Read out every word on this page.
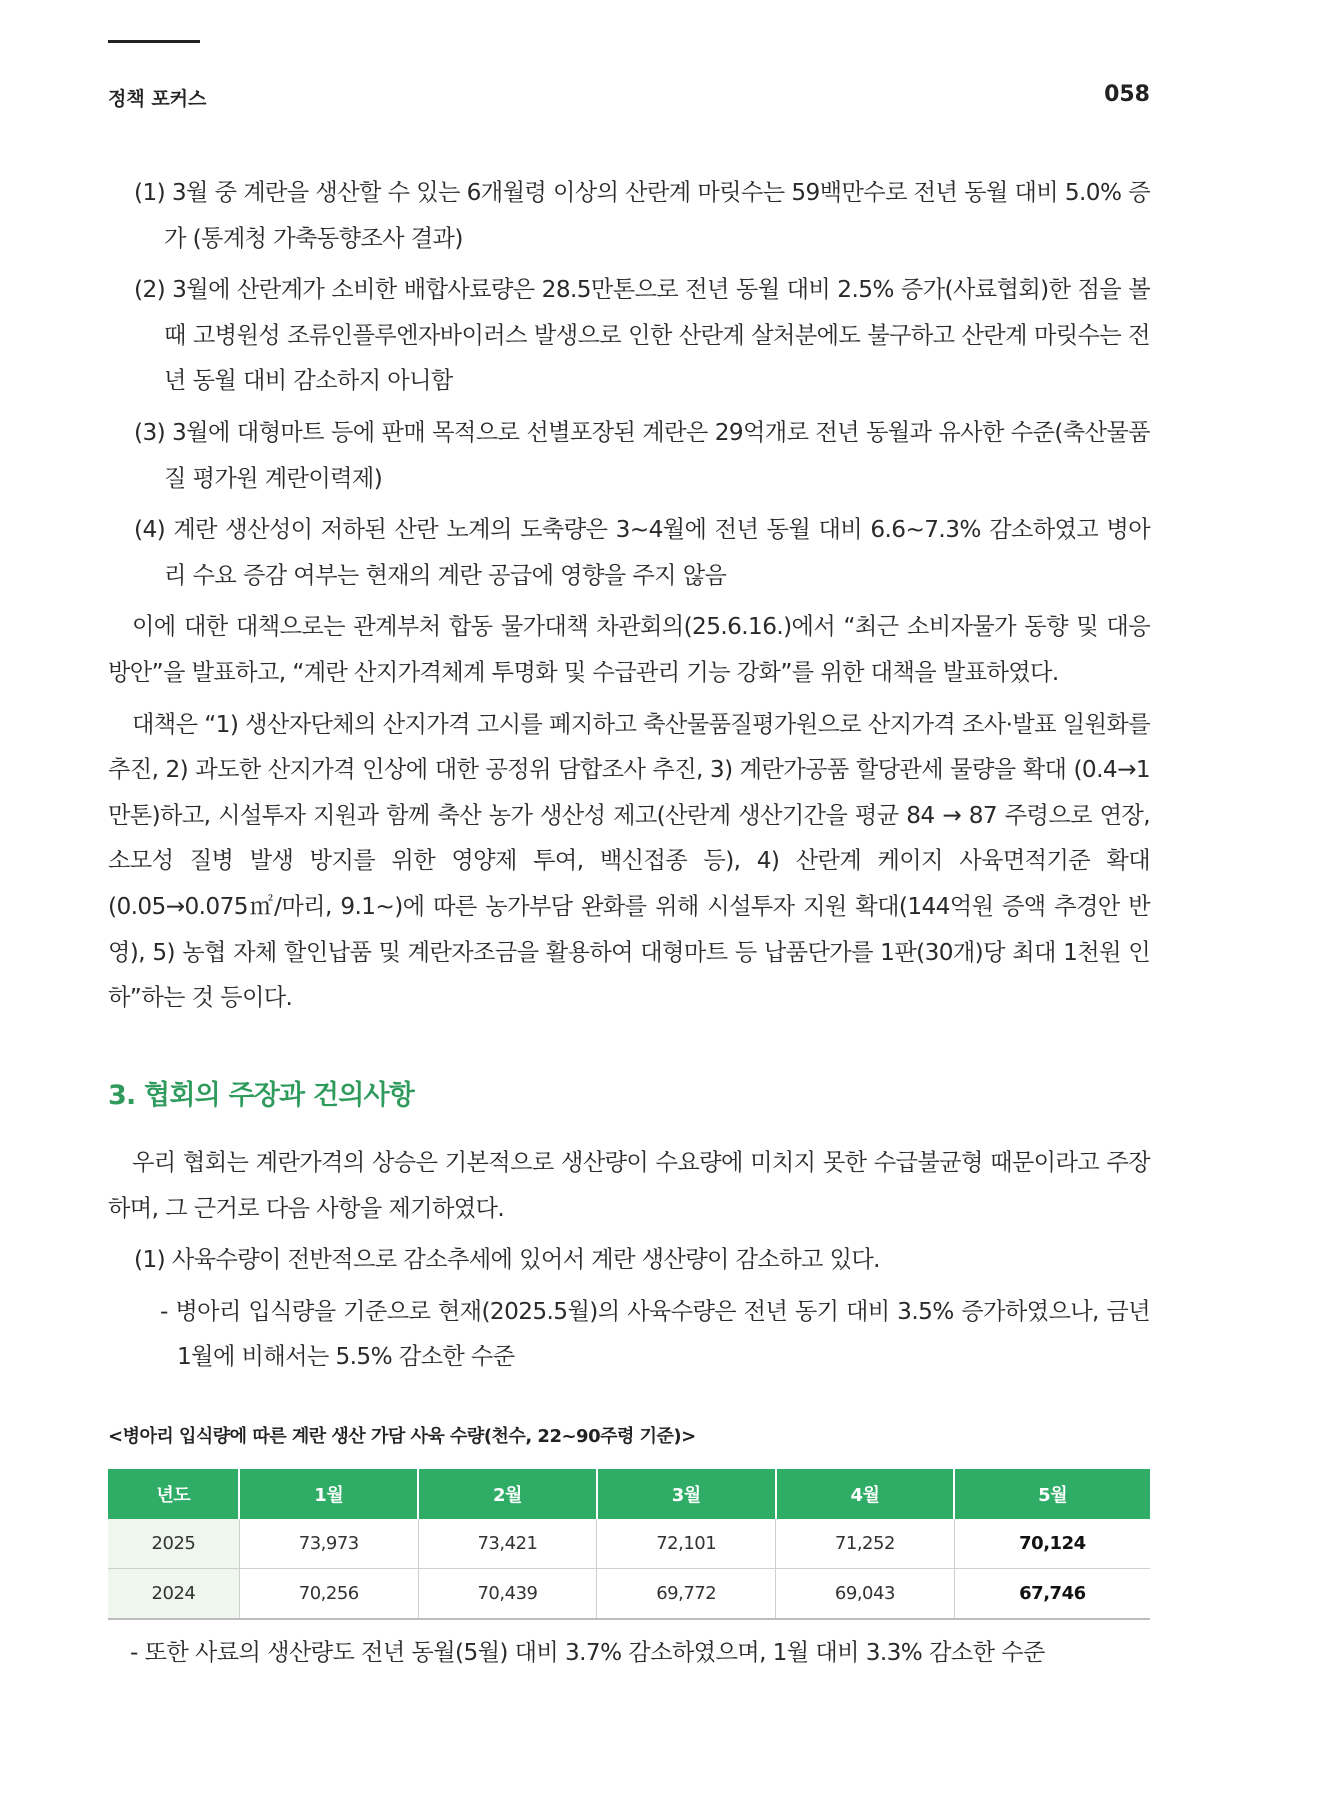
정책 포커스	058

(1) 3월 중 계란을 생산할 수 있는 6개월령 이상의 산란계 마릿수는 59백만수로 전년 동월 대비 5.0% 증가 (통계청 가축동향조사 결과)

(2) 3월에 산란계가 소비한 배합사료량은 28.5만톤으로 전년 동월 대비 2.5% 증가(사료협회)한 점을 볼 때 고병원성 조류인플루엔자바이러스 발생으로 인한 산란계 살처분에도 불구하고 산란계 마릿수는 전년 동월 대비 감소하지 아니함

(3) 3월에 대형마트 등에 판매 목적으로 선별포장된 계란은 29억개로 전년 동월과 유사한 수준(축산물품질 평가원 계란이력제)

(4) 계란 생산성이 저하된 산란 노계의 도축량은 3~4월에 전년 동월 대비 6.6~7.3% 감소하였고 병아리 수요 증감 여부는 현재의 계란 공급에 영향을 주지 않음

이에 대한 대책으로는 관계부처 합동 물가대책 차관회의(25.6.16.)에서 “최근 소비자물가 동향 및 대응방안”을 발표하고, “계란 산지가격체계 투명화 및 수급관리 기능 강화”를 위한 대책을 발표하였다.

대책은 “1) 생산자단체의 산지가격 고시를 폐지하고 축산물품질평가원으로 산지가격 조사·발표 일원화를 추진, 2) 과도한 산지가격 인상에 대한 공정위 담합조사 추진, 3) 계란가공품 할당관세 물량을 확대 (0.4→1만톤)하고, 시설투자 지원과 함께 축산 농가 생산성 제고(산란계 생산기간을 평균 84 → 87 주령으로 연장, 소모성 질병 발생 방지를 위한 영양제 투여, 백신접종 등), 4) 산란계 케이지 사육면적기준 확대 (0.05→0.075㎡/마리, 9.1~)에 따른 농가부담 완화를 위해 시설투자 지원 확대(144억원 증액 추경안 반영), 5) 농협 자체 할인납품 및 계란자조금을 활용하여 대형마트 등 납품단가를 1판(30개)당 최대 1천원 인하”하는 것 등이다.

3. 협회의 주장과 건의사항

우리 협회는 계란가격의 상승은 기본적으로 생산량이 수요량에 미치지 못한 수급불균형 때문이라고 주장하며, 그 근거로 다음 사항을 제기하였다.

(1) 사육수량이 전반적으로 감소추세에 있어서 계란 생산량이 감소하고 있다.

- 병아리 입식량을 기준으로 현재(2025.5월)의 사육수량은 전년 동기 대비 3.5% 증가하였으나, 금년 1월에 비해서는 5.5% 감소한 수준

<병아리 입식량에 따른 계란 생산 가담 사육 수량(천수, 22~90주령 기준)>
년도	1월	2월	3월	4월	5월
2025	73,973	73,421	72,101	71,252	70,124
2024	70,256	70,439	69,772	69,043	67,746
- 또한 사료의 생산량도 전년 동월(5월) 대비 3.7% 감소하였으며, 1월 대비 3.3% 감소한 수준
